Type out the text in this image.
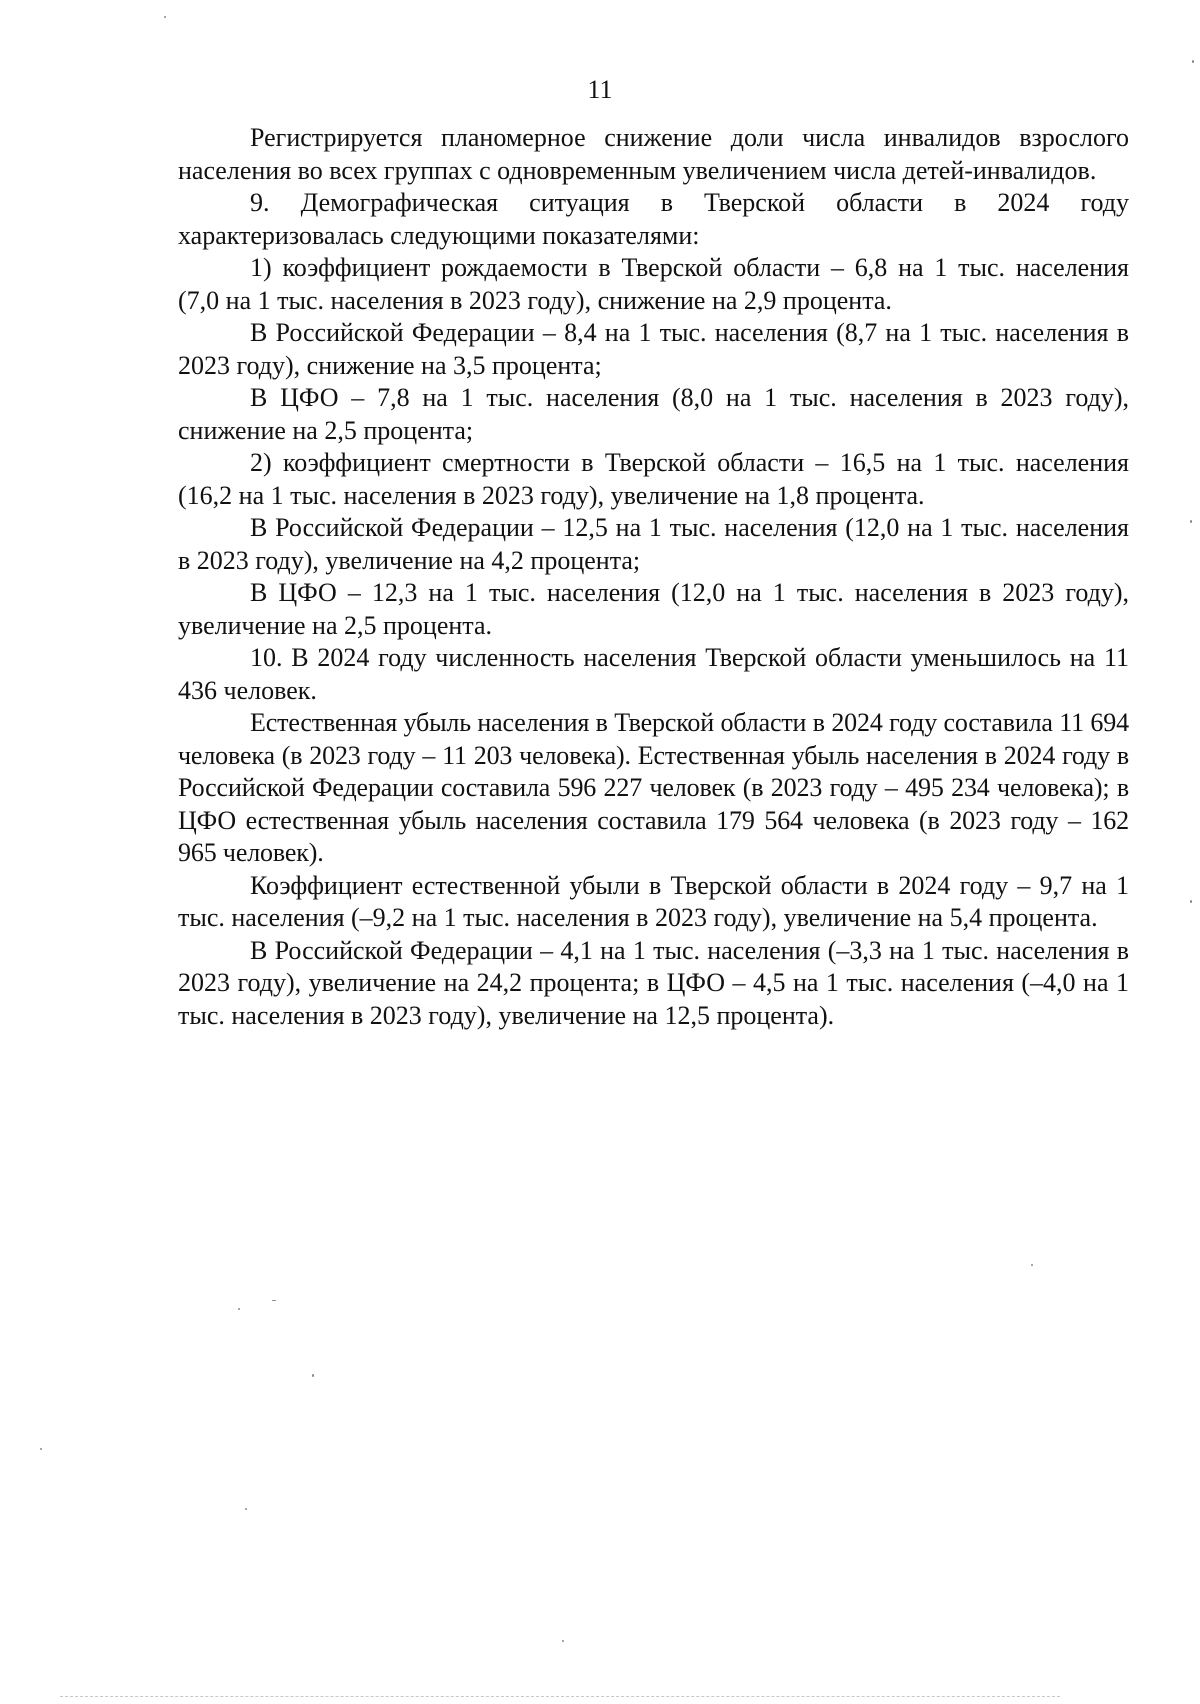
11

Регистрируется планомерное снижение доли числа инвалидов взрослого населения во всех группах с одновременным увеличением числа детей-инвалидов.

9. Демографическая ситуация в Тверской области в 2024 году характеризовалась следующими показателями:

1) коэффициент рождаемости в Тверской области – 6,8 на 1 тыс. населения (7,0 на 1 тыс. населения в 2023 году), снижение на 2,9 процента.

В Российской Федерации – 8,4 на 1 тыс. населения (8,7 на 1 тыс. населения в 2023 году), снижение на 3,5 процента;

В ЦФО – 7,8 на 1 тыс. населения (8,0 на 1 тыс. населения в 2023 году), снижение на 2,5 процента;

2) коэффициент смертности в Тверской области – 16,5 на 1 тыс. населения (16,2 на 1 тыс. населения в 2023 году), увеличение на 1,8 процента.

В Российской Федерации – 12,5 на 1 тыс. населения (12,0 на 1 тыс. населения в 2023 году), увеличение на 4,2 процента;

В ЦФО – 12,3 на 1 тыс. населения (12,0 на 1 тыс. населения в 2023 году), увеличение на 2,5 процента.

10. В 2024 году численность населения Тверской области уменьшилось на 11 436 человек.

Естественная убыль населения в Тверской области в 2024 году составила 11 694 человека (в 2023 году – 11 203 человека). Естественная убыль населения в 2024 году в Российской Федерации составила 596 227 человек (в 2023 году – 495 234 человека); в ЦФО естественная убыль населения составила 179 564 человека (в 2023 году – 162 965 человек).

Коэффициент естественной убыли в Тверской области в 2024 году – 9,7 на 1 тыс. населения (–9,2 на 1 тыс. населения в 2023 году), увеличение на 5,4 процента.

В Российской Федерации – 4,1 на 1 тыс. населения (–3,3 на 1 тыс. населения в 2023 году), увеличение на 24,2 процента; в ЦФО – 4,5 на 1 тыс. населения (–4,0 на 1 тыс. населения в 2023 году), увеличение на 12,5 процента).
